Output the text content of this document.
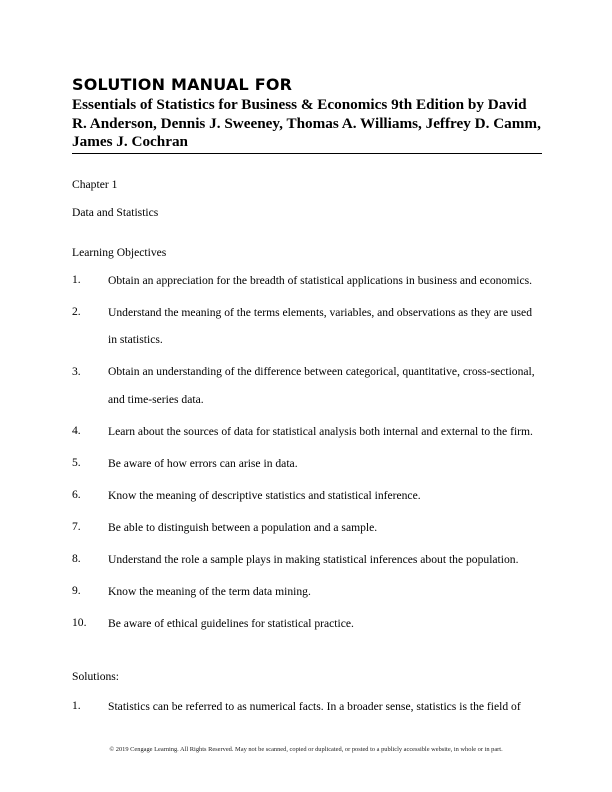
SOLUTION MANUAL FOR

Essentials of Statistics for Business & Economics 9th Edition by David R. Anderson, Dennis J. Sweeney, Thomas A. Williams, Jeffrey D. Camm, James J. Cochran

Chapter 1
Data and Statistics
Learning Objectives
1.	Obtain an appreciation for the breadth of statistical applications in business and economics.
2.	Understand the meaning of the terms elements, variables, and observations as they are used in statistics.
3.	Obtain an understanding of the difference between categorical, quantitative, cross-sectional, and time-series data.
4.	Learn about the sources of data for statistical analysis both internal and external to the firm.
5.	Be aware of how errors can arise in data.
6.	Know the meaning of descriptive statistics and statistical inference.
7.	Be able to distinguish between a population and a sample.
8.	Understand the role a sample plays in making statistical inferences about the population.
9.	Know the meaning of the term data mining.
10.	Be aware of ethical guidelines for statistical practice.
Solutions:
1.	Statistics can be referred to as numerical facts. In a broader sense, statistics is the field of
© 2019 Cengage Learning. All Rights Reserved. May not be scanned, copied or duplicated, or posted to a publicly accessible website, in whole or in part.
